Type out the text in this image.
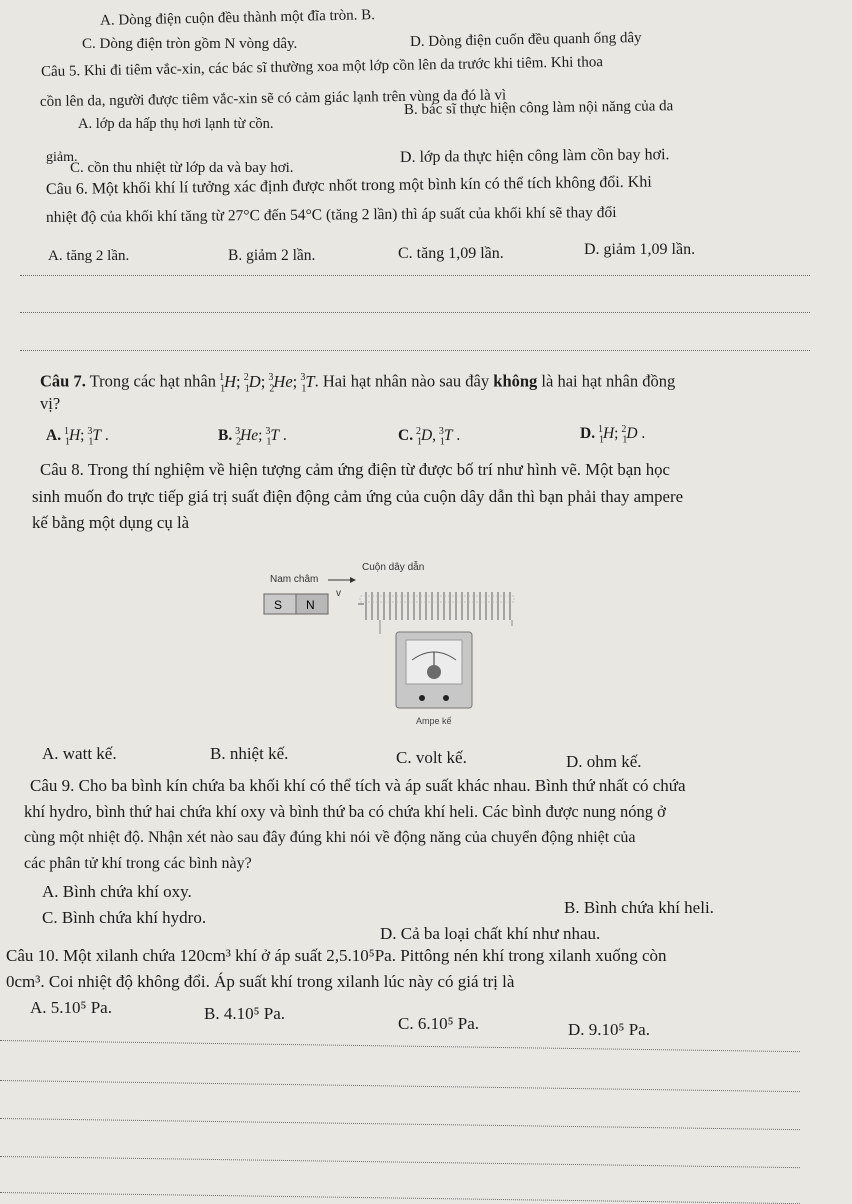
A. Dòng điện cuộn đều thành một đĩa tròn. B.
C. Dòng điện tròn gồm N vòng dây.	D. Dòng điện cuốn đều quanh ống dây
Câu 5. Khi đi tiêm vắc-xin, các bác sĩ thường xoa một lớp cồn lên da trước khi tiêm. Khi thoa
cồn lên da, người được tiêm vắc-xin sẽ có cảm giác lạnh trên vùng da đó là vì
A. lớp da hấp thụ hơi lạnh từ cồn.
B. bác sĩ thực hiện công làm nội năng của da
giảm.
C. cồn thu nhiệt từ lớp da và bay hơi.
D. lớp da thực hiện công làm cồn bay hơi.
Câu 6. Một khối khí lí tưởng xác định được nhốt trong một bình kín có thể tích không đổi. Khi
nhiệt độ của khối khí tăng từ 27°C đến 54°C (tăng 2 lần) thì áp suất của khối khí sẽ thay đổi
A. tăng 2 lần.	B. giảm 2 lần.	C. tăng 1,09 lần.	D. giảm 1,09 lần.
Câu 7. Trong các hạt nhân $_1^1$H; $_1^2$D; $_2^3$He; $_1^3$T. Hai hạt nhân nào sau đây không là hai hạt nhân đồng
vị?
A. $_1^1$H; $_1^3$T .	B. $_2^3$He; $_1^3$T .	C. $_1^2$D, $_1^3$T .	D. $_1^1$H; $_1^2$D .
Câu 8. Trong thí nghiệm về hiện tượng cảm ứng điện từ được bố trí như hình vẽ. Một bạn học
sinh muốn đo trực tiếp giá trị suất điện động cảm ứng của cuộn dây dẫn thì bạn phải thay ampere
kế bằng một dụng cụ là
Cuộn dây dẫn
Nam châm
v
S N
Ampe kế
A. watt kế.	B. nhiệt kế.	C. volt kế.	D. ohm kế.
Câu 9. Cho ba bình kín chứa ba khối khí có thể tích và áp suất khác nhau. Bình thứ nhất có chứa
khí hydro, bình thứ hai chứa khí oxy và bình thứ ba có chứa khí heli. Các bình được nung nóng ở
cùng một nhiệt độ. Nhận xét nào sau đây đúng khi nói về động năng của chuyển động nhiệt của
các phân tử khí trong các bình này?
A. Bình chứa khí oxy.
B. Bình chứa khí heli.
C. Bình chứa khí hydro.
D. Cả ba loại chất khí như nhau.
Câu 10. Một xilanh chứa 120cm³ khí ở áp suất 2,5.10⁵Pa. Pittông nén khí trong xilanh xuống còn
0cm³. Coi nhiệt độ không đổi. Áp suất khí trong xilanh lúc này có giá trị là
A. 5.10⁵ Pa.	B. 4.10⁵ Pa.
C. 6.10⁵ Pa.	D. 9.10⁵ Pa.
